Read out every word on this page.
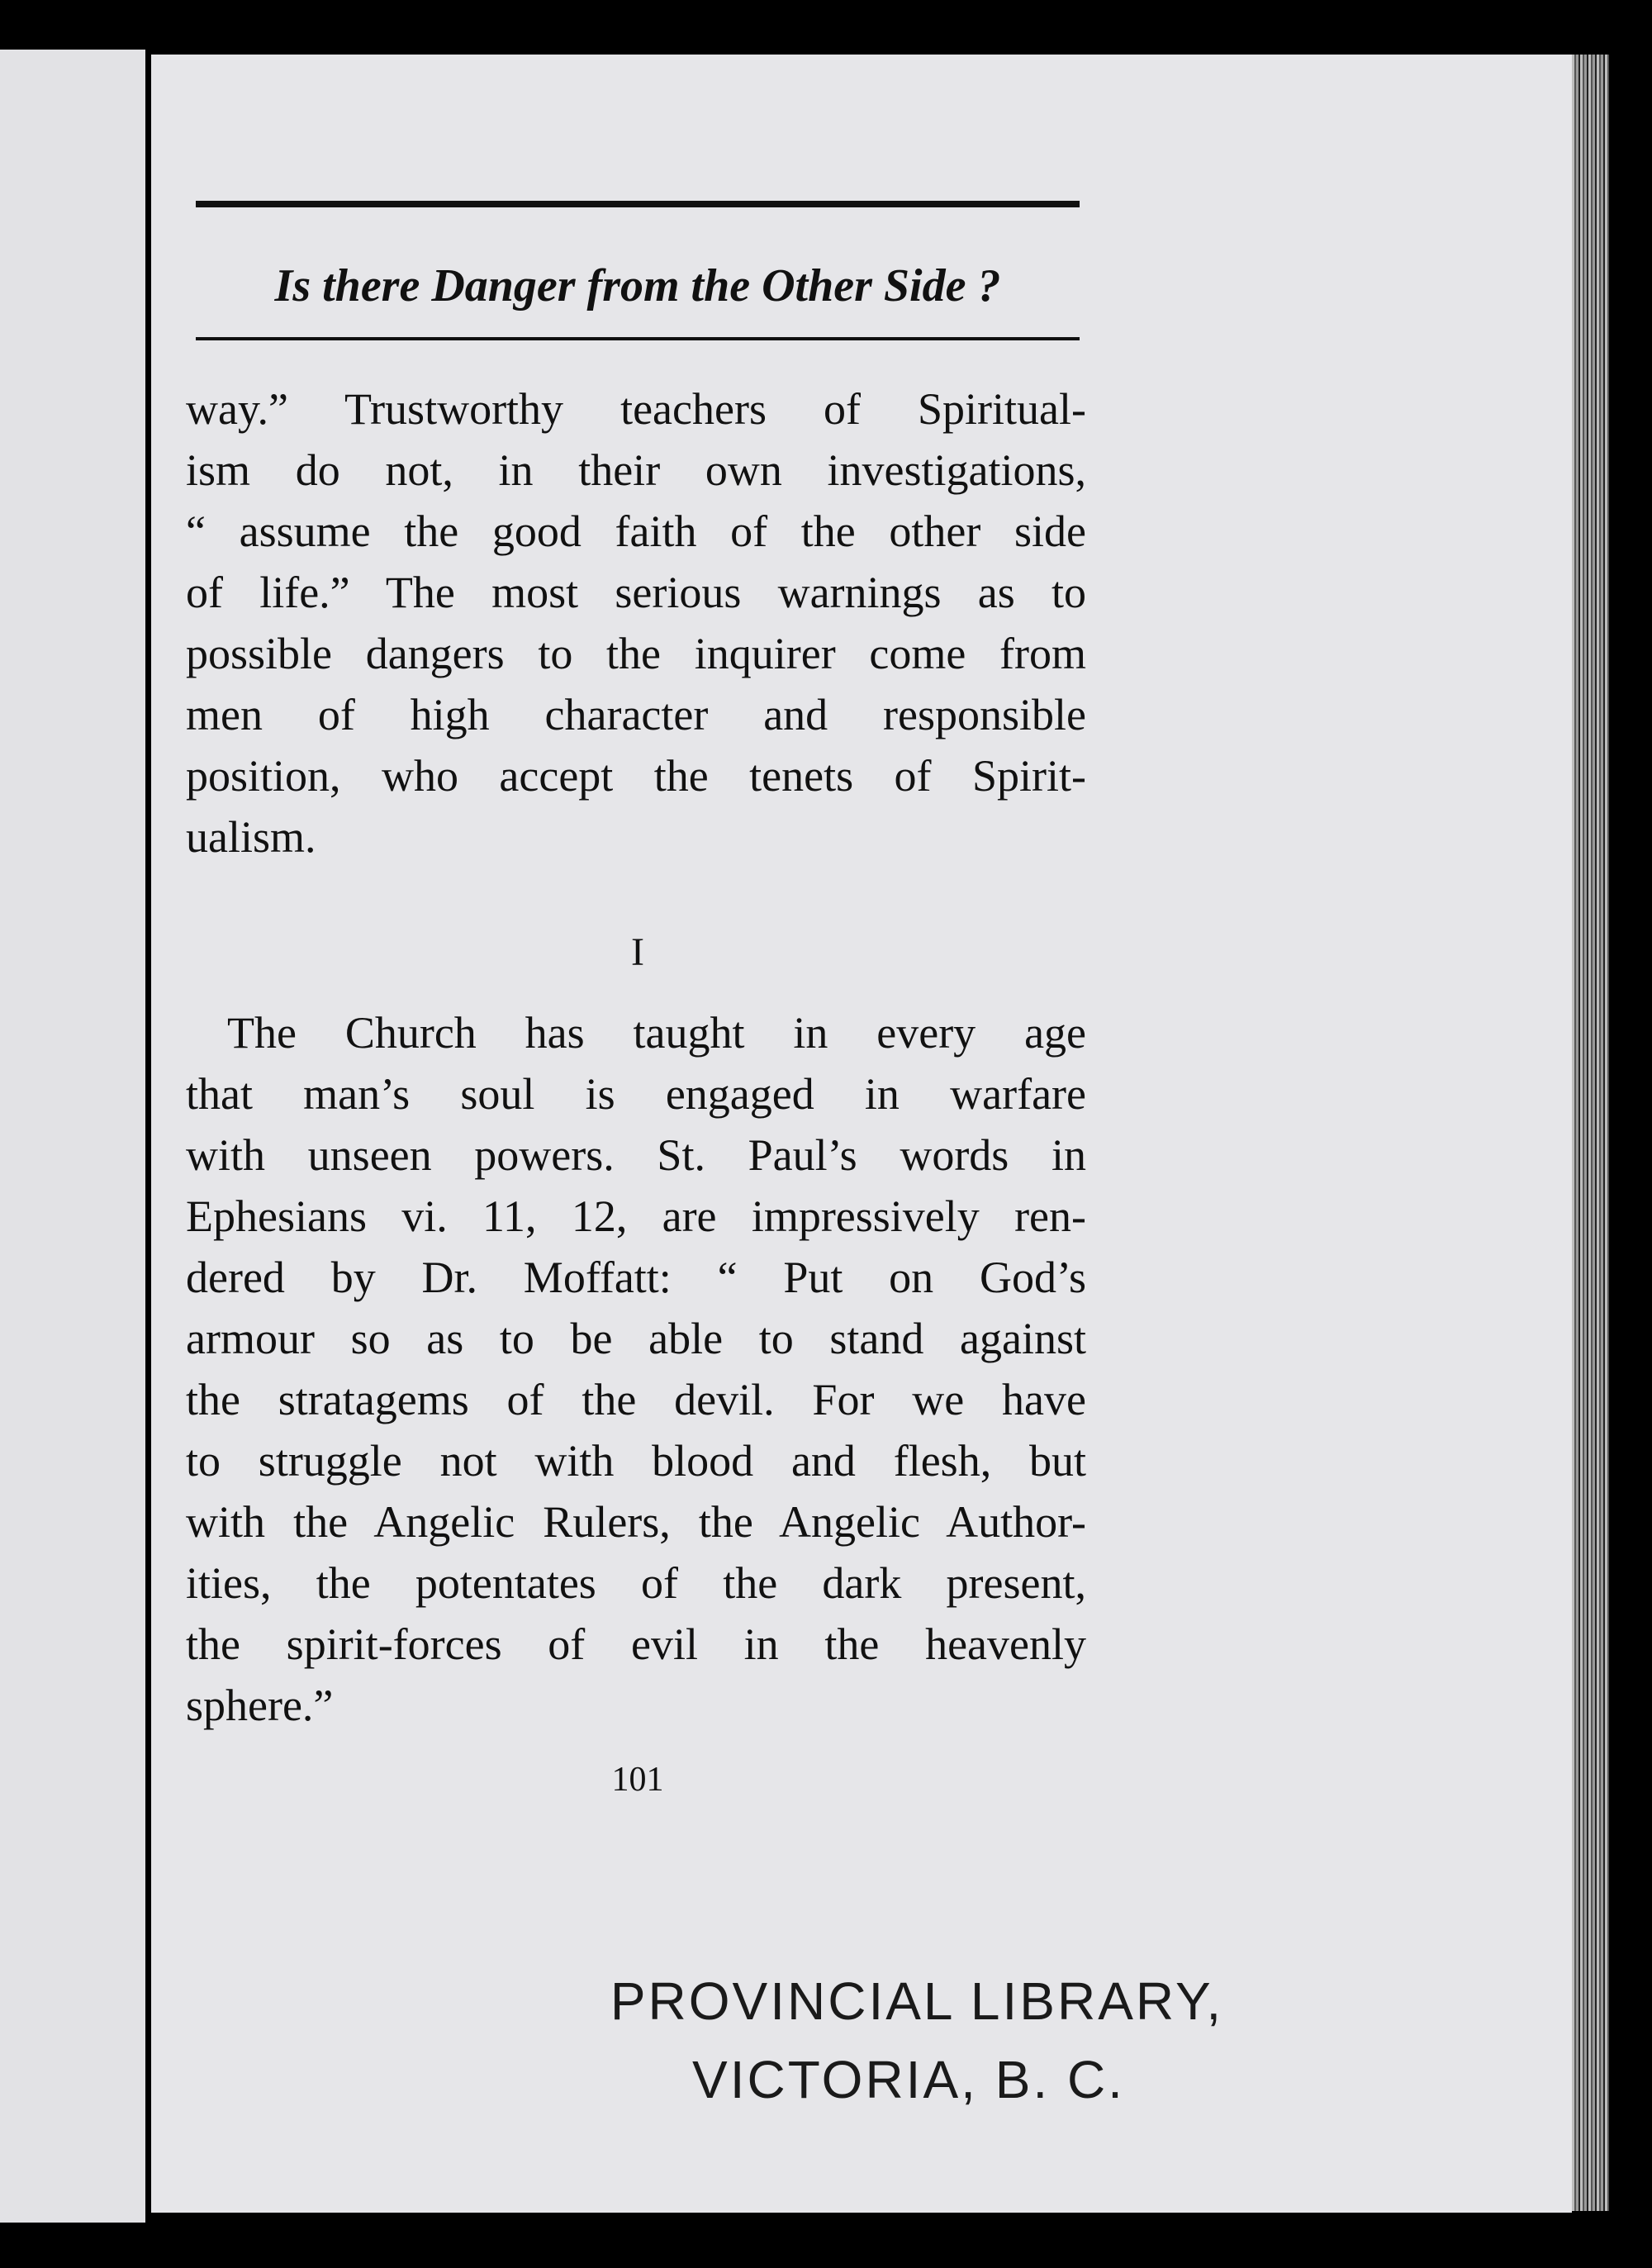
Is there Danger from the Other Side ?
way.” Trustworthy teachers of Spiritual-
ism do not, in their own investigations,
“ assume the good faith of the other side
of life.” The most serious warnings as to
possible dangers to the inquirer come from
men of high character and responsible
position, who accept the tenets of Spirit-
ualism.
I
The Church has taught in every age
that man’s soul is engaged in warfare
with unseen powers. St. Paul’s words in
Ephesians vi. 11, 12, are impressively ren-
dered by Dr. Moffatt: “ Put on God’s
armour so as to be able to stand against
the stratagems of the devil. For we have
to struggle not with blood and flesh, but
with the Angelic Rulers, the Angelic Author-
ities, the potentates of the dark present,
the spirit-forces of evil in the heavenly
sphere.”
101
PROVINCIAL LIBRARY,
VICTORIA, B. C.
